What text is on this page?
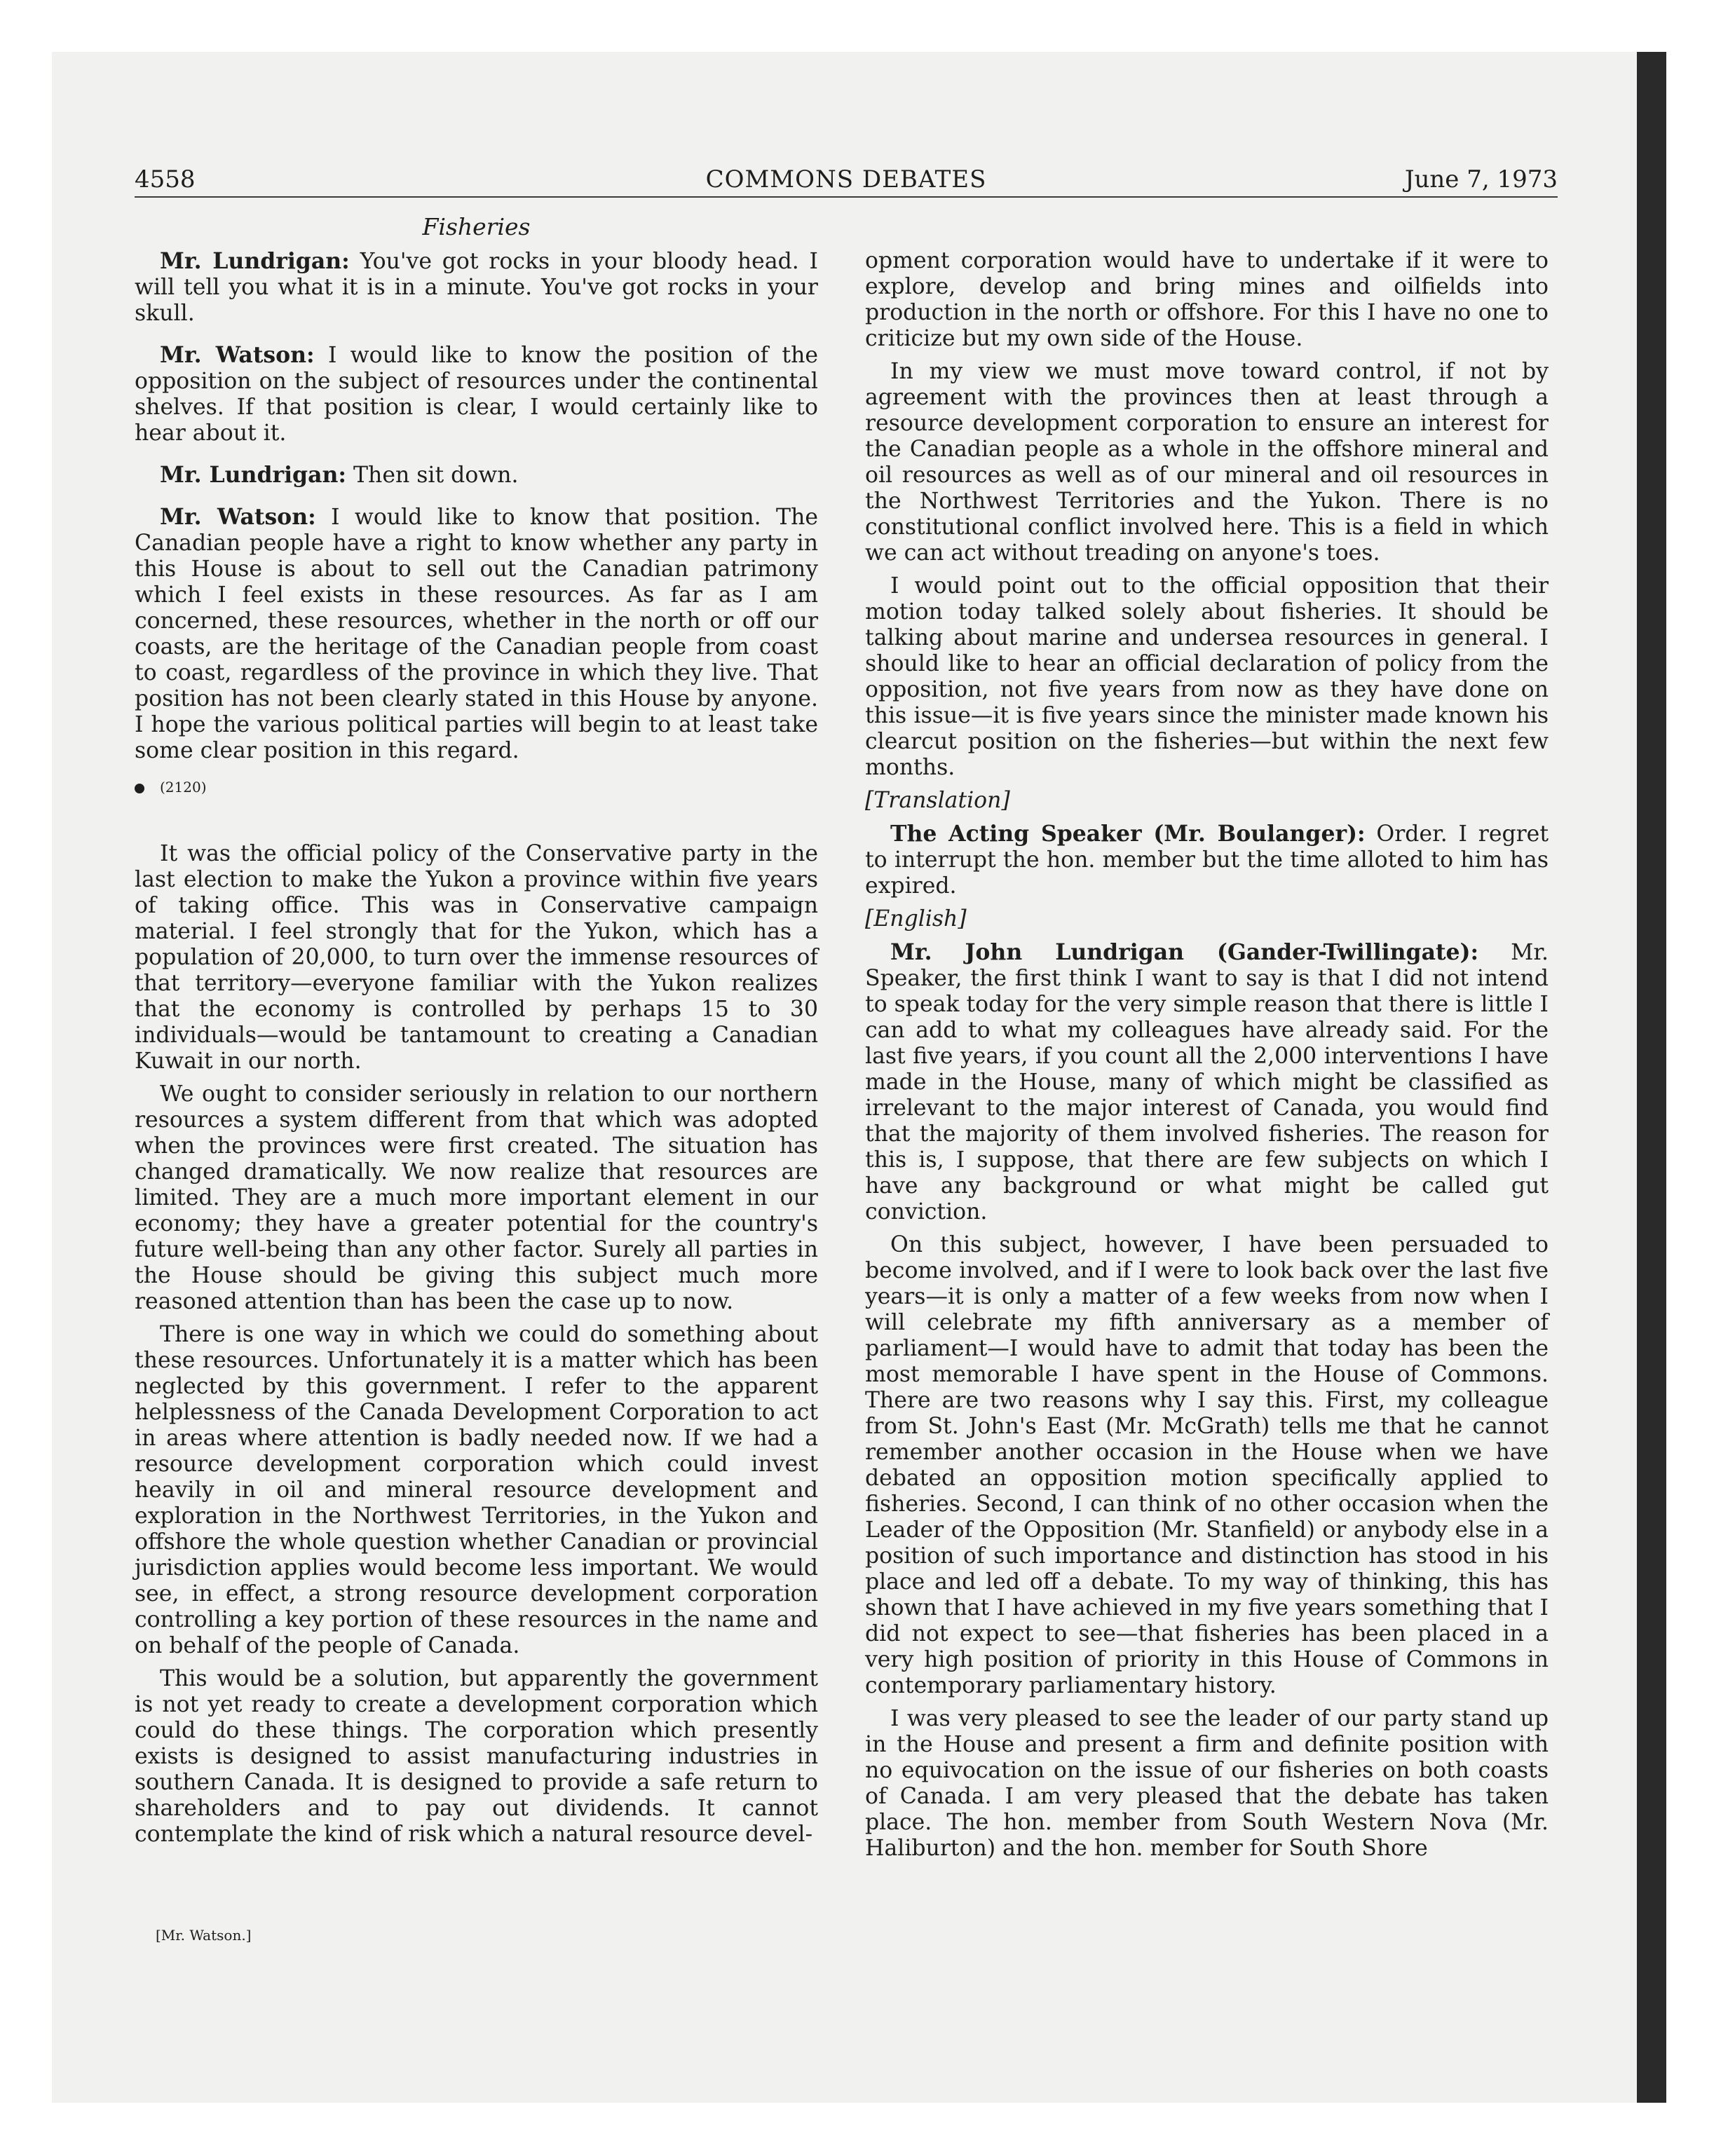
4558	COMMONS DEBATES	June 7, 1973
Fisheries

Mr. Lundrigan: You've got rocks in your bloody head. I will tell you what it is in a minute. You've got rocks in your skull.

Mr. Watson: I would like to know the position of the opposition on the subject of resources under the continental shelves. If that position is clear, I would certainly like to hear about it.

Mr. Lundrigan: Then sit down.

Mr. Watson: I would like to know that position. The Canadian people have a right to know whether any party in this House is about to sell out the Canadian patrimony which I feel exists in these resources. As far as I am concerned, these resources, whether in the north or off our coasts, are the heritage of the Canadian people from coast to coast, regardless of the province in which they live. That position has not been clearly stated in this House by anyone. I hope the various political parties will begin to at least take some clear position in this regard.

(2120)

It was the official policy of the Conservative party in the last election to make the Yukon a province within five years of taking office. This was in Conservative campaign material. I feel strongly that for the Yukon, which has a population of 20,000, to turn over the immense resources of that territory—everyone familiar with the Yukon realizes that the economy is controlled by perhaps 15 to 30 individuals—would be tantamount to creating a Canadian Kuwait in our north.

We ought to consider seriously in relation to our northern resources a system different from that which was adopted when the provinces were first created. The situation has changed dramatically. We now realize that resources are limited. They are a much more important element in our economy; they have a greater potential for the country's future well-being than any other factor. Surely all parties in the House should be giving this subject much more reasoned attention than has been the case up to now.

There is one way in which we could do something about these resources. Unfortunately it is a matter which has been neglected by this government. I refer to the apparent helplessness of the Canada Development Corporation to act in areas where attention is badly needed now. If we had a resource development corporation which could invest heavily in oil and mineral resource development and exploration in the Northwest Territories, in the Yukon and offshore the whole question whether Canadian or provincial jurisdiction applies would become less important. We would see, in effect, a strong resource development corporation controlling a key portion of these resources in the name and on behalf of the people of Canada.

This would be a solution, but apparently the government is not yet ready to create a development corporation which could do these things. The corporation which presently exists is designed to assist manufacturing industries in southern Canada. It is designed to provide a safe return to shareholders and to pay out dividends. It cannot contemplate the kind of risk which a natural resource devel-

[Mr. Watson.]

opment corporation would have to undertake if it were to explore, develop and bring mines and oilfields into production in the north or offshore. For this I have no one to criticize but my own side of the House.

In my view we must move toward control, if not by agreement with the provinces then at least through a resource development corporation to ensure an interest for the Canadian people as a whole in the offshore mineral and oil resources as well as of our mineral and oil resources in the Northwest Territories and the Yukon. There is no constitutional conflict involved here. This is a field in which we can act without treading on anyone's toes.

I would point out to the official opposition that their motion today talked solely about fisheries. It should be talking about marine and undersea resources in general. I should like to hear an official declaration of policy from the opposition, not five years from now as they have done on this issue—it is five years since the minister made known his clearcut position on the fisheries—but within the next few months.

[Translation]

The Acting Speaker (Mr. Boulanger): Order. I regret to interrupt the hon. member but the time alloted to him has expired.

[English]

Mr. John Lundrigan (Gander-Twillingate): Mr. Speaker, the first think I want to say is that I did not intend to speak today for the very simple reason that there is little I can add to what my colleagues have already said. For the last five years, if you count all the 2,000 interventions I have made in the House, many of which might be classified as irrelevant to the major interest of Canada, you would find that the majority of them involved fisheries. The reason for this is, I suppose, that there are few subjects on which I have any background or what might be called gut conviction.

On this subject, however, I have been persuaded to become involved, and if I were to look back over the last five years—it is only a matter of a few weeks from now when I will celebrate my fifth anniversary as a member of parliament—I would have to admit that today has been the most memorable I have spent in the House of Commons. There are two reasons why I say this. First, my colleague from St. John's East (Mr. McGrath) tells me that he cannot remember another occasion in the House when we have debated an opposition motion specifically applied to fisheries. Second, I can think of no other occasion when the Leader of the Opposition (Mr. Stanfield) or anybody else in a position of such importance and distinction has stood in his place and led off a debate. To my way of thinking, this has shown that I have achieved in my five years something that I did not expect to see—that fisheries has been placed in a very high position of priority in this House of Commons in contemporary parliamentary history.

I was very pleased to see the leader of our party stand up in the House and present a firm and definite position with no equivocation on the issue of our fisheries on both coasts of Canada. I am very pleased that the debate has taken place. The hon. member from South Western Nova (Mr. Haliburton) and the hon. member for South Shore
